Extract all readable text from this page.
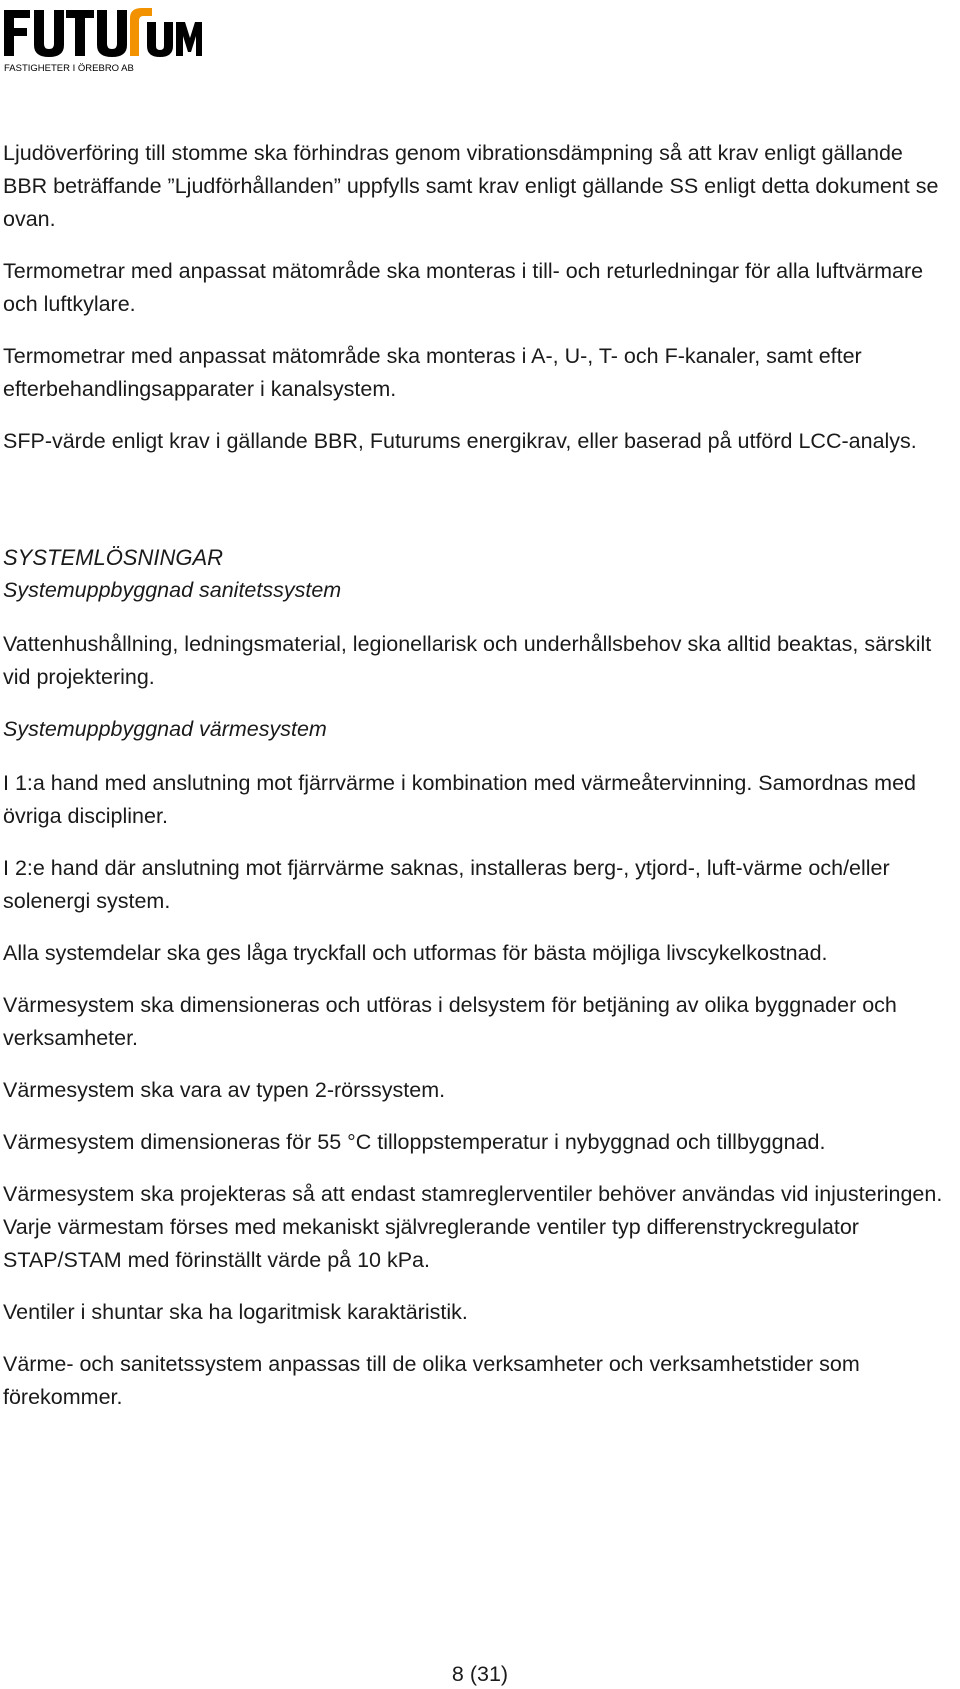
FASTIGHETER I ÖREBRO AB

Ljudöverföring till stomme ska förhindras genom vibrationsdämpning så att krav enligt gällande BBR beträffande ”Ljudförhållanden” uppfylls samt krav enligt gällande SS enligt detta dokument se ovan.

Termometrar med anpassat mätområde ska monteras i till- och returledningar för alla luftvärmare och luftkylare.

Termometrar med anpassat mätområde ska monteras i A-, U-, T- och F-kanaler, samt efter efterbehandlingsapparater i kanalsystem.

SFP-värde enligt krav i gällande BBR, Futurums energikrav, eller baserad på utförd LCC-analys.

SYSTEMLÖSNINGAR
Systemuppbyggnad sanitetssystem

Vattenhushållning, ledningsmaterial, legionellarisk och underhållsbehov ska alltid beaktas, särskilt vid projektering.

Systemuppbyggnad värmesystem

I 1:a hand med anslutning mot fjärrvärme i kombination med värmeåtervinning. Samordnas med övriga discipliner.

I 2:e hand där anslutning mot fjärrvärme saknas, installeras berg-, ytjord-, luft-värme och/eller solenergi system.

Alla systemdelar ska ges låga tryckfall och utformas för bästa möjliga livscykelkostnad.

Värmesystem ska dimensioneras och utföras i delsystem för betjäning av olika byggnader och verksamheter.

Värmesystem ska vara av typen 2-rörssystem.

Värmesystem dimensioneras för 55 °C tilloppstemperatur i nybyggnad och tillbyggnad.

Värmesystem ska projekteras så att endast stamreglerventiler behöver användas vid injusteringen. Varje värmestam förses med mekaniskt självreglerande ventiler typ differenstryckregulator STAP/STAM med förinställt värde på 10 kPa.

Ventiler i shuntar ska ha logaritmisk karaktäristik.

Värme- och sanitetssystem anpassas till de olika verksamheter och verksamhetstider som förekommer.

8 (31)
